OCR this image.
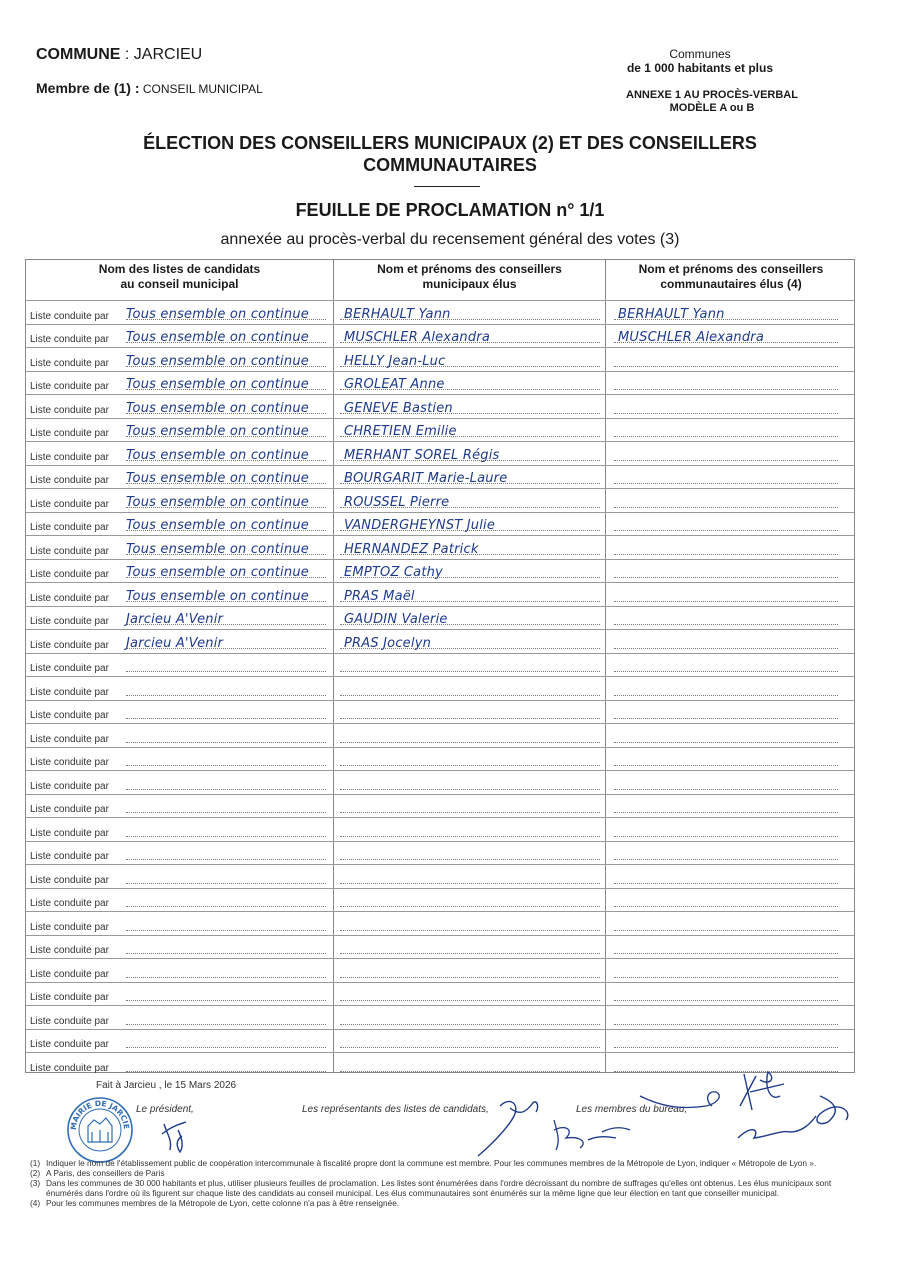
COMMUNE : JARCIEU
Membre de (1) : CONSEIL MUNICIPAL
Communes
de 1 000 habitants et plus
ANNEXE 1 AU PROCÈS-VERBAL
MODÈLE A ou B
ÉLECTION DES CONSEILLERS MUNICIPAUX (2) ET DES CONSEILLERS
COMMUNAUTAIRES
FEUILLE DE PROCLAMATION n° 1/1
annexée au procès-verbal du recensement général des votes (3)
Nom des listes de candidats
au conseil municipal
Nom et prénoms des conseillers
municipaux élus
Nom et prénoms des conseillers
communautaires élus (4)
Liste conduite par Tous ensemble on continue	BERHAULT Yann	BERHAULT Yann
Liste conduite par Tous ensemble on continue	MUSCHLER Alexandra	MUSCHLER Alexandra
Liste conduite par Tous ensemble on continue	HELLY Jean-Luc
Liste conduite par Tous ensemble on continue	GROLEAT Anne
Liste conduite par Tous ensemble on continue	GENEVE Bastien
Liste conduite par Tous ensemble on continue	CHRETIEN Emilie
Liste conduite par Tous ensemble on continue	MERHANT SOREL Régis
Liste conduite par Tous ensemble on continue	BOURGARIT Marie-Laure
Liste conduite par Tous ensemble on continue	ROUSSEL Pierre
Liste conduite par Tous ensemble on continue	VANDERGHEYNST Julie
Liste conduite par Tous ensemble on continue	HERNANDEZ Patrick
Liste conduite par Tous ensemble on continue	EMPTOZ Cathy
Liste conduite par Tous ensemble on continue	PRAS Maël
Liste conduite par Jarcieu A'Venir	GAUDIN Valerie
Liste conduite par Jarcieu A'Venir	PRAS Jocelyn
Liste conduite par
Liste conduite par
Liste conduite par
Liste conduite par
Liste conduite par
Liste conduite par
Liste conduite par
Liste conduite par
Liste conduite par
Liste conduite par
Liste conduite par
Liste conduite par
Liste conduite par
Liste conduite par
Liste conduite par
Liste conduite par
Liste conduite par
Liste conduite par
Fait à Jarcieu , le 15 Mars 2026
Le président,	Les représentants des listes de candidats,	Les membres du bureau,
MAIRIE DE JARCIEU
(1) Indiquer le nom de l'établissement public de coopération intercommunale à fiscalité propre dont la commune est membre. Pour les communes membres de la Métropole de Lyon, indiquer « Métropole de Lyon ».
(2) A Paris, des conseillers de Paris
(3) Dans les communes de 30 000 habitants et plus, utiliser plusieurs feuilles de proclamation. Les listes sont énumérées dans l'ordre décroissant du nombre de suffrages qu'elles ont obtenus. Les élus municipaux sont énumérés dans l'ordre où ils figurent sur chaque liste des candidats au conseil municipal. Les élus communautaires sont énumérés sur la même ligne que leur élection en tant que conseiller municipal.
(4) Pour les communes membres de la Métropole de Lyon, cette colonne n'a pas à être renseignée.
